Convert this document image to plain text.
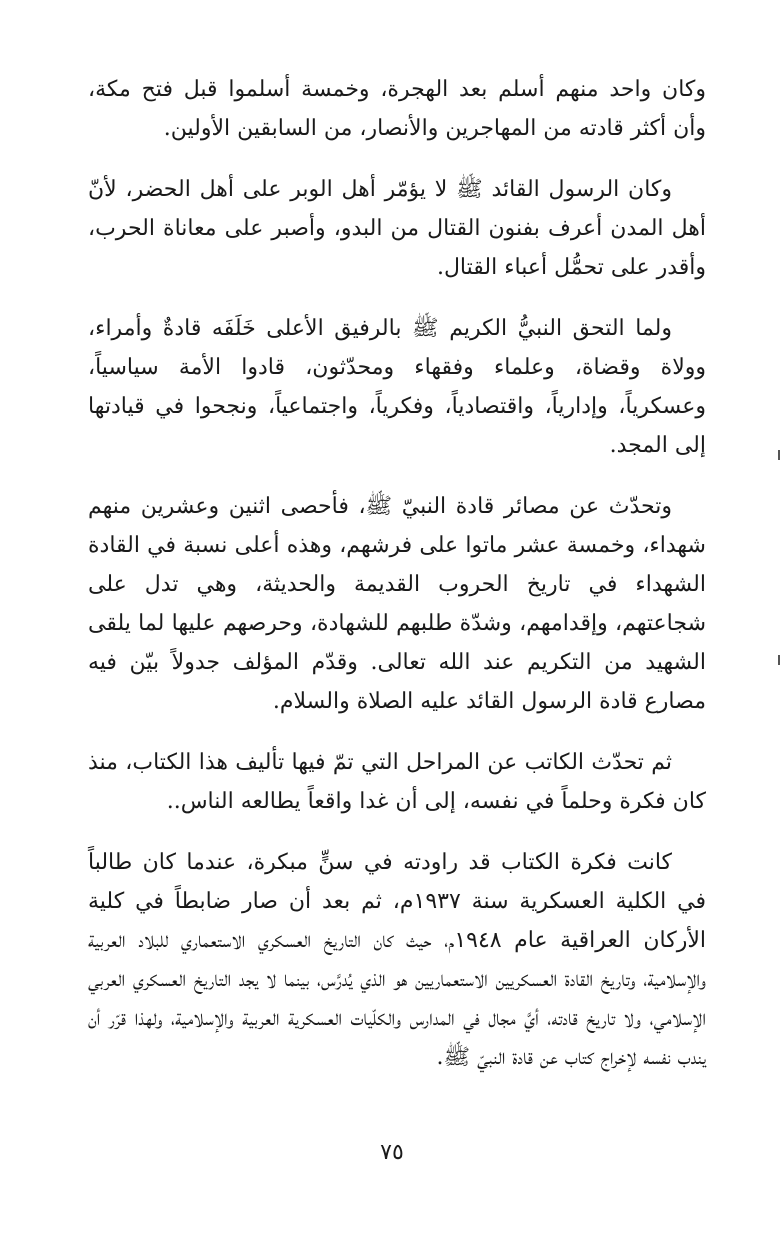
وكان واحد منهم أسلم بعد الهجرة، وخمسة أسلموا قبل فتح مكة، وأن أكثر قادته من المهاجرين والأنصار، من السابقين الأولين.

وكان الرسول القائد ﷺ لا يؤمّر أهل الوبر على أهل الحضر، لأنّ أهل المدن أعرف بفنون القتال من البدو، وأصبر على معاناة الحرب، وأقدر على تحمُّل أعباء القتال.

ولما التحق النبيُّ الكريم ﷺ بالرفيق الأعلى خَلَفَه قادةٌ وأمراء، وولاة وقضاة، وعلماء وفقهاء ومحدّثون، قادوا الأمة سياسياً، وعسكرياً، وإدارياً، واقتصادياً، وفكرياً، واجتماعياً، ونجحوا في قيادتها إلى المجد.

وتحدّث عن مصائر قادة النبيّ ﷺ، فأحصى اثنين وعشرين منهم شهداء، وخمسة عشر ماتوا على فرشهم، وهذه أعلى نسبة في القادة الشهداء في تاريخ الحروب القديمة والحديثة، وهي تدل على شجاعتهم، وإقدامهم، وشدّة طلبهم للشهادة، وحرصهم عليها لما يلقى الشهيد من التكريم عند الله تعالى. وقدّم المؤلف جدولاً بيّن فيه مصارع قادة الرسول القائد عليه الصلاة والسلام.

ثم تحدّث الكاتب عن المراحل التي تمّ فيها تأليف هذا الكتاب، منذ كان فكرة وحلماً في نفسه، إلى أن غدا واقعاً يطالعه الناس..

كانت فكرة الكتاب قد راودته في سنٍّ مبكرة، عندما كان طالباً في الكلية العسكرية سنة ١٩٣٧م، ثم بعد أن صار ضابطاً في كلية الأركان العراقية عام ١٩٤٨م، حيث كان التاريخ العسكري الاستعماري للبلاد العربية والإسلامية، وتاريخ القادة العسكريين الاستعماريين هو الذي يُدرَّس، بينما لا يجد التاريخ العسكري العربي الإسلامي، ولا تاريخ قادته، أيَّ مجال في المدارس والكلّيات العسكرية العربية والإسلامية، ولهذا قرّر أن يندب نفسه لإخراج كتاب عن قادة النبيّ ﷺ.

٧٥
